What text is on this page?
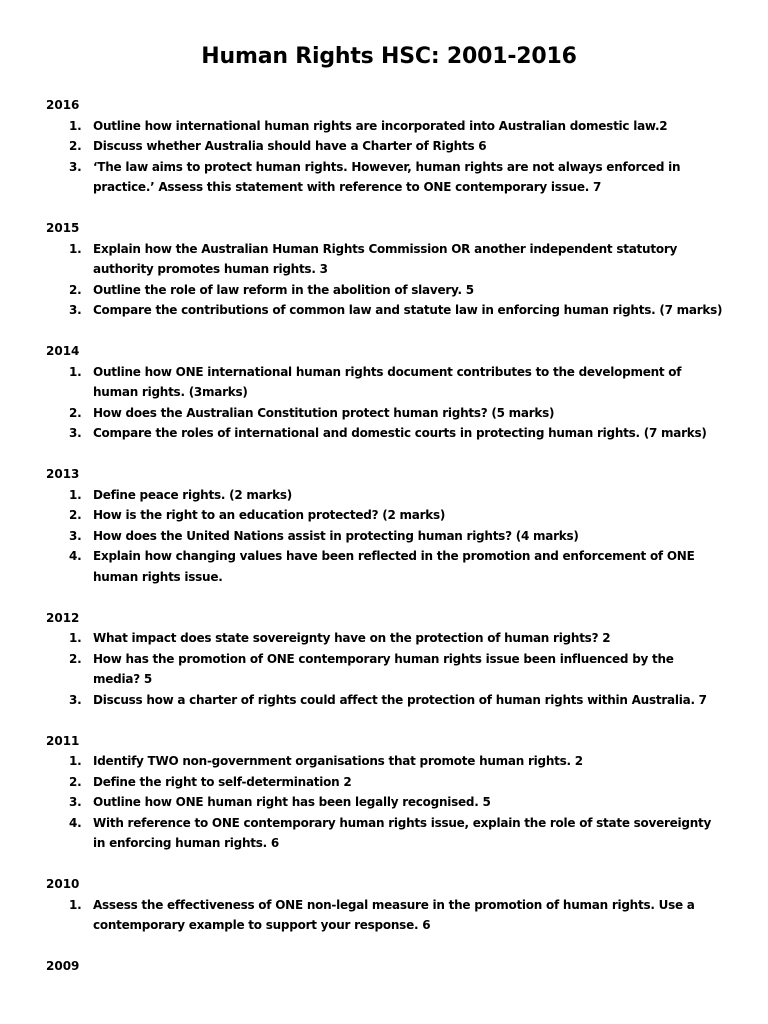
Human Rights HSC: 2001-2016
2016
1. Outline how international human rights are incorporated into Australian domestic law.2
2. Discuss whether Australia should have a Charter of Rights 6
3. ‘The law aims to protect human rights. However, human rights are not always enforced in practice.’ Assess this statement with reference to ONE contemporary issue. 7
2015
1. Explain how the Australian Human Rights Commission OR another independent statutory authority promotes human rights. 3
2. Outline the role of law reform in the abolition of slavery. 5
3. Compare the contributions of common law and statute law in enforcing human rights. (7 marks)
2014
1. Outline how ONE international human rights document contributes to the development of human rights. (3marks)
2. How does the Australian Constitution protect human rights? (5 marks)
3. Compare the roles of international and domestic courts in protecting human rights. (7 marks)
2013
1. Define peace rights. (2 marks)
2. How is the right to an education protected? (2 marks)
3. How does the United Nations assist in protecting human rights? (4 marks)
4. Explain how changing values have been reflected in the promotion and enforcement of ONE human rights issue.
2012
1. What impact does state sovereignty have on the protection of human rights? 2
2. How has the promotion of ONE contemporary human rights issue been influenced by the media? 5
3. Discuss how a charter of rights could affect the protection of human rights within Australia. 7
2011
1. Identify TWO non-government organisations that promote human rights. 2
2. Define the right to self-determination 2
3. Outline how ONE human right has been legally recognised. 5
4. With reference to ONE contemporary human rights issue, explain the role of state sovereignty in enforcing human rights. 6
2010
1. Assess the effectiveness of ONE non-legal measure in the promotion of human rights. Use a contemporary example to support your response. 6
2009
